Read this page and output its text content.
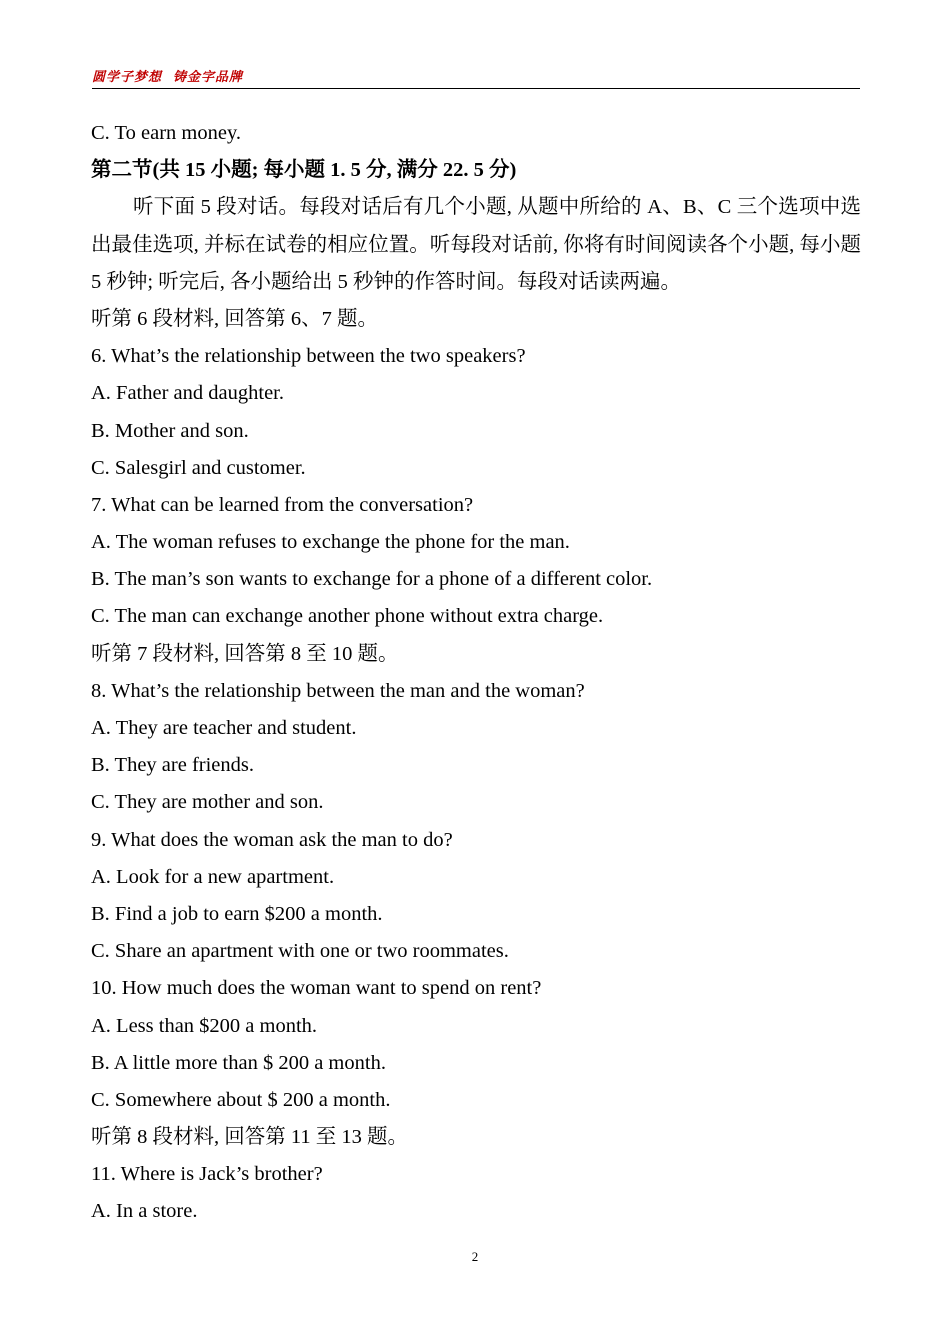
圆学子梦想  铸金字品牌
C. To earn money.
第二节(共 15 小题; 每小题 1. 5 分, 满分 22. 5 分)
听下面 5 段对话。每段对话后有几个小题, 从题中所给的 A、B、C 三个选项中选出最佳选项, 并标在试卷的相应位置。听每段对话前, 你将有时间阅读各个小题, 每小题 5 秒钟; 听完后, 各小题给出 5 秒钟的作答时间。每段对话读两遍。
听第 6 段材料, 回答第 6、7 题。
6. What’s the relationship between the two speakers?
A. Father and daughter.
B. Mother and son.
C. Salesgirl and customer.
7. What can be learned from the conversation?
A. The woman refuses to exchange the phone for the man.
B. The man’s son wants to exchange for a phone of a different color.
C. The man can exchange another phone without extra charge.
听第 7 段材料, 回答第 8 至 10 题。
8. What’s the relationship between the man and the woman?
A. They are teacher and student.
B. They are friends.
C. They are mother and son.
9. What does the woman ask the man to do?
A. Look for a new apartment.
B. Find a job to earn $200 a month.
C. Share an apartment with one or two roommates.
10. How much does the woman want to spend on rent?
A. Less than $200 a month.
B. A little more than $ 200 a month.
C. Somewhere about $ 200 a month.
听第 8 段材料, 回答第 11 至 13 题。
11. Where is Jack’s brother?
A. In a store.
2
